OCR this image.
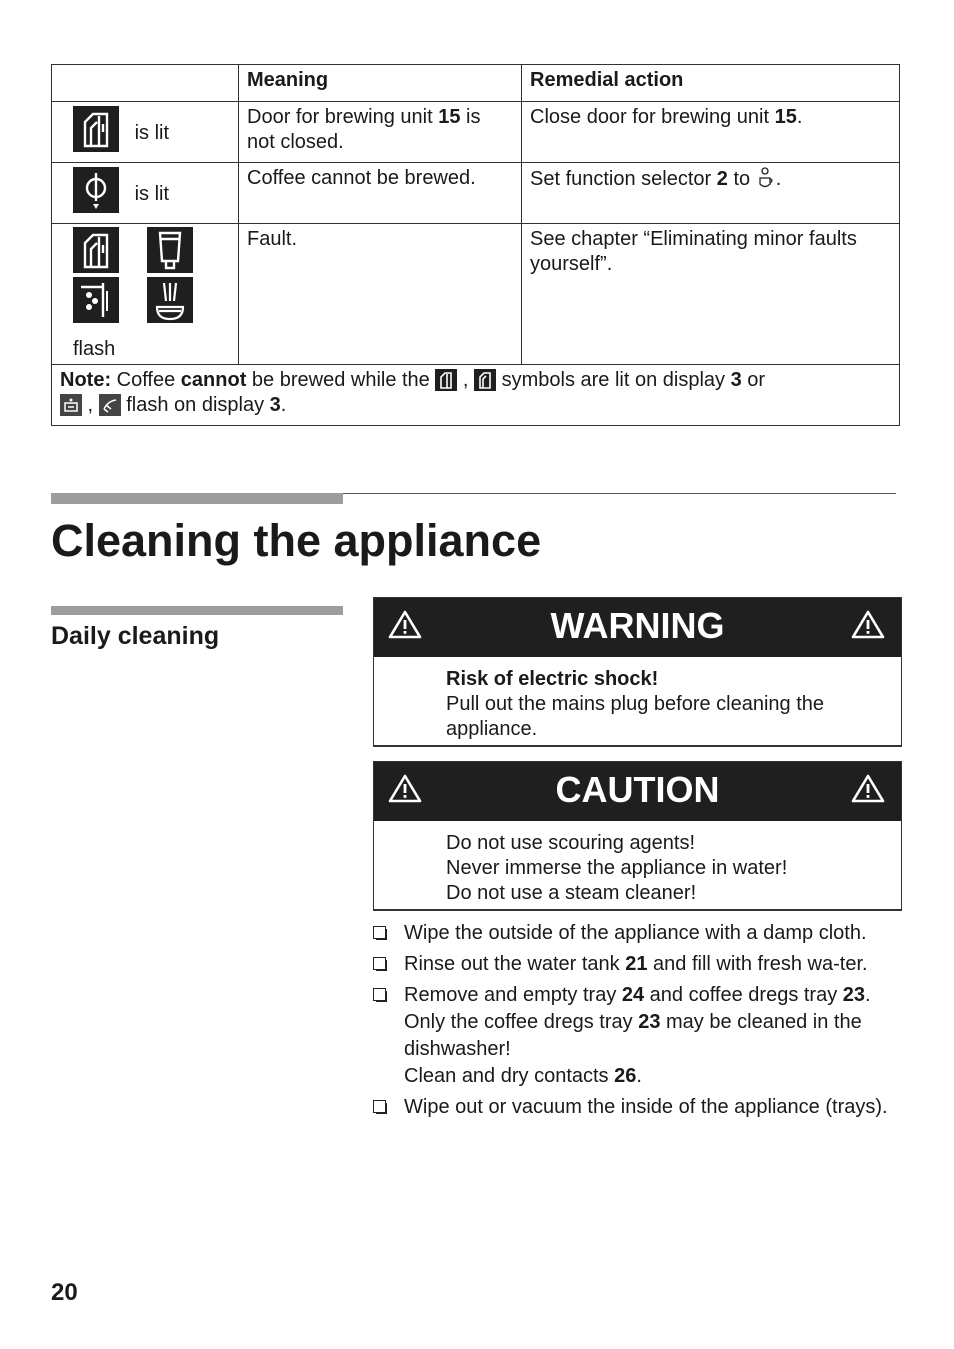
	Meaning	Remedial action

is lit	Door for brewing unit 15 is not closed.	Close door for brewing unit 15.

is lit	Coffee cannot be brewed.	Set function selector 2 to .

flash	Fault.	See chapter “Eliminating minor faults yourself”.
Note: Coffee cannot be brewed while the
,
symbols are lit on display 3 or

,
flash on display 3.		
Cleaning the appliance
Daily cleaning	WARNING
Risk of electric shock!
Pull out the mains plug before cleaning the appliance.
CAUTION
Do not use scouring agents!
Never immerse the appliance in water!
Do not use a steam cleaner!
Wipe the outside of the appliance with a damp cloth.
Rinse out the water tank 21 and fill with fresh wa-ter.
Remove and empty tray 24 and coffee dregs tray 23.
Only the coffee dregs tray 23 may be cleaned in the dishwasher!
Clean and dry contacts 26.
Wipe out or vacuum the inside of the appliance (trays).
20
